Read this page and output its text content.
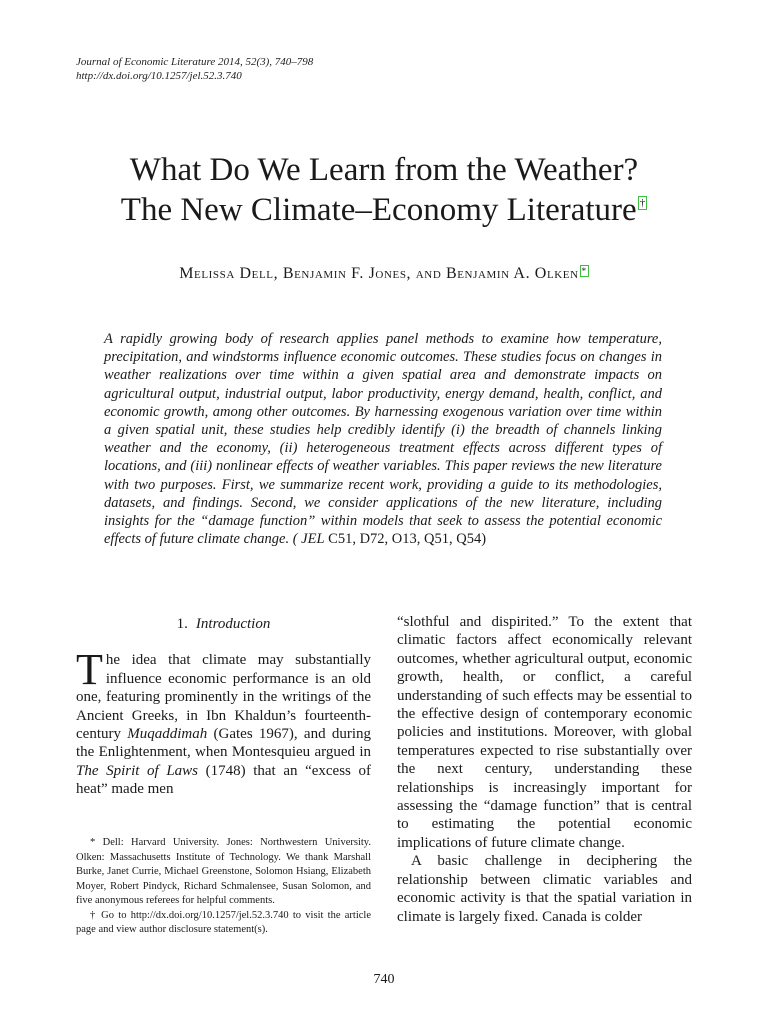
Journal of Economic Literature 2014, 52(3), 740–798
http://dx.doi.org/10.1257/jel.52.3.740
What Do We Learn from the Weather?
The New Climate–Economy Literature †
Melissa Dell, Benjamin F. Jones, and Benjamin A. Olken *

A rapidly growing body of research applies panel methods to examine how temperature, precipitation, and windstorms influence economic outcomes. These studies focus on changes in weather realizations over time within a given spatial area and demonstrate impacts on agricultural output, industrial output, labor productivity, energy demand, health, conflict, and economic growth, among other outcomes. By harnessing exogenous variation over time within a given spatial unit, these studies help credibly identify (i) the breadth of channels linking weather and the economy, (ii) heterogeneous treatment effects across different types of locations, and (iii) nonlinear effects of weather variables. This paper reviews the new literature with two purposes. First, we summarize recent work, providing a guide to its methodologies, datasets, and findings. Second, we consider applications of the new literature, including insights for the “damage function” within models that seek to assess the potential economic effects of future climate change. ( JEL C51, D72, O13, Q51, Q54)

1. Introduction

The idea that climate may substantially influence economic performance is an old one, featuring prominently in the writings of the Ancient Greeks, in Ibn Khaldun’s fourteenth-century Muqaddimah (Gates 1967), and during the Enlightenment, when Montesquieu argued in The Spirit of Laws (1748) that an “excess of heat” made men

“slothful and dispirited.” To the extent that climatic factors affect economically relevant outcomes, whether agricultural output, economic growth, health, or conflict, a careful understanding of such effects may be essential to the effective design of contemporary economic policies and institutions. Moreover, with global temperatures expected to rise substantially over the next century, understanding these relationships is increasingly important for assessing the “damage function” that is central to estimating the potential economic implications of future climate change.

A basic challenge in deciphering the relationship between climatic variables and economic activity is that the spatial variation in climate is largely fixed. Canada is colder

* Dell: Harvard University. Jones: Northwestern University. Olken: Massachusetts Institute of Technology. We thank Marshall Burke, Janet Currie, Michael Greenstone, Solomon Hsiang, Elizabeth Moyer, Robert Pindyck, Richard Schmalensee, Susan Solomon, and five anonymous referees for helpful comments.

† Go to http://dx.doi.org/10.1257/jel.52.3.740 to visit the article page and view author disclosure statement(s).

740
